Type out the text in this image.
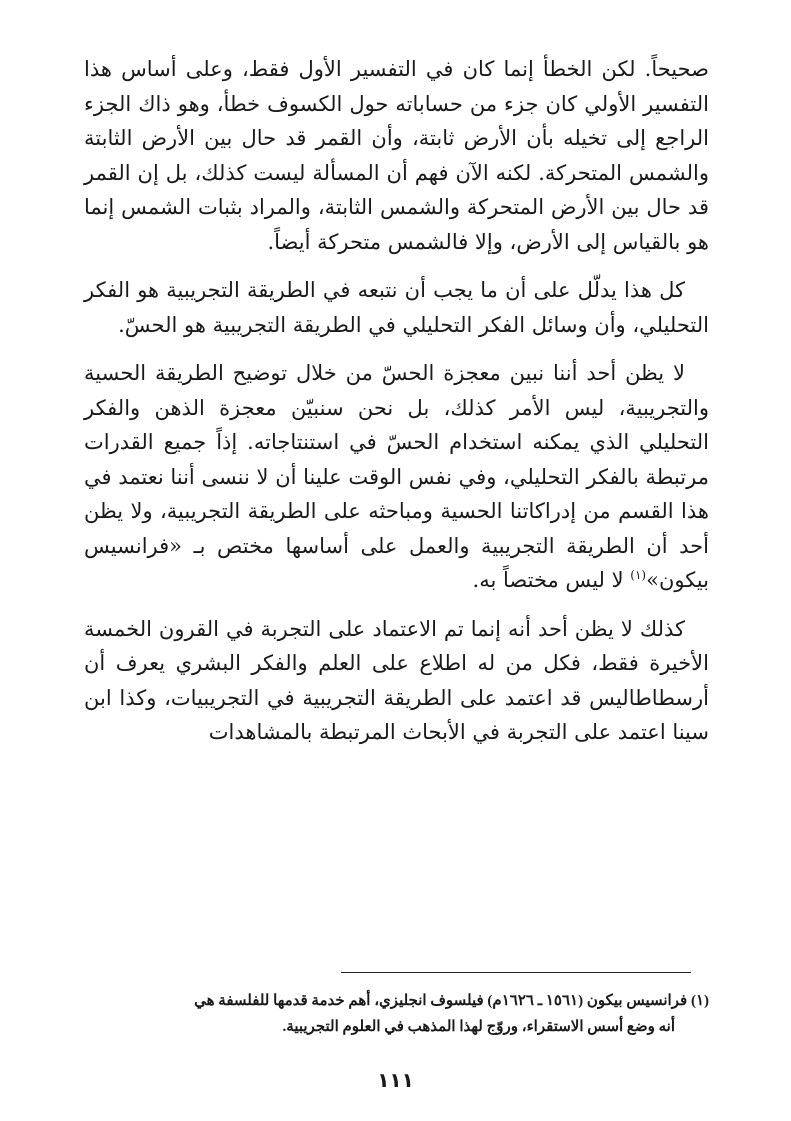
صحيحاً. لكن الخطأ إنما كان في التفسير الأول فقط، وعلى أساس هذا التفسير الأولي كان جزء من حساباته حول الكسوف خطأ، وهو ذاك الجزء الراجع إلى تخيله بأن الأرض ثابتة، وأن القمر قد حال بين الأرض الثابتة والشمس المتحركة. لكنه الآن فهم أن المسألة ليست كذلك، بل إن القمر قد حال بين الأرض المتحركة والشمس الثابتة، والمراد بثبات الشمس إنما هو بالقياس إلى الأرض، وإلا فالشمس متحركة أيضاً.

كل هذا يدلّل على أن ما يجب أن نتبعه في الطريقة التجريبية هو الفكر التحليلي، وأن وسائل الفكر التحليلي في الطريقة التجريبية هو الحسّ.

لا يظن أحد أننا نبين معجزة الحسّ من خلال توضيح الطريقة الحسية والتجريبية، ليس الأمر كذلك، بل نحن سنبيّن معجزة الذهن والفكر التحليلي الذي يمكنه استخدام الحسّ في استنتاجاته. إذاً جميع القدرات مرتبطة بالفكر التحليلي، وفي نفس الوقت علينا أن لا ننسى أننا نعتمد في هذا القسم من إدراكاتنا الحسية ومباحثه على الطريقة التجريبية، ولا يظن أحد أن الطريقة التجريبية والعمل على أساسها مختص بـ «فرانسيس بيكون»$^{(١)}$ لا ليس مختصاً به.

كذلك لا يظن أحد أنه إنما تم الاعتماد على التجربة في القرون الخمسة الأخيرة فقط، فكل من له اطلاع على العلم والفكر البشري يعرف أن أرسطاطاليس قد اعتمد على الطريقة التجريبية في التجريبيات، وكذا ابن سينا اعتمد على التجربة في الأبحاث المرتبطة بالمشاهدات

(١) فرانسيس بيكون (١٥٦١ ـ ١٦٢٦م) فيلسوف انجليزي، أهم خدمة قدمها للفلسفة هي

أنه وضع أسس الاستقراء، وروّج لهذا المذهب في العلوم التجريبية.

١١١
